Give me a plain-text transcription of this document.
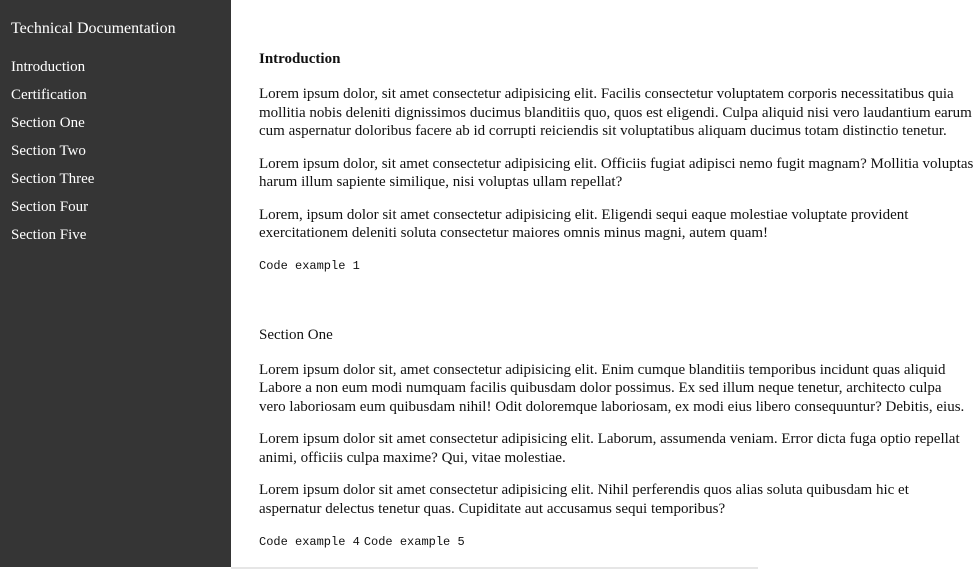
Technical Documentation
Introduction
Certification
Section One
Section Two
Section Three
Section Four
Section Five
Introduction

Lorem ipsum dolor, sit amet consectetur adipisicing elit. Facilis consectetur voluptatem corporis necessitatibus quia
mollitia nobis deleniti dignissimos ducimus blanditiis quo, quos est eligendi. Culpa aliquid nisi vero laudantium earum
cum aspernatur doloribus facere ab id corrupti reiciendis sit voluptatibus aliquam ducimus totam distinctio tenetur.

Lorem ipsum dolor, sit amet consectetur adipisicing elit. Officiis fugiat adipisci nemo fugit magnam? Mollitia voluptas
harum illum sapiente similique, nisi voluptas ullam repellat?

Lorem, ipsum dolor sit amet consectetur adipisicing elit. Eligendi sequi eaque molestiae voluptate provident
exercitationem deleniti soluta consectetur maiores omnis minus magni, autem quam!

Code example 1
Section One

Lorem ipsum dolor sit, amet consectetur adipisicing elit. Enim cumque blanditiis temporibus incidunt quas aliquid
Labore a non eum modi numquam facilis quibusdam dolor possimus. Ex sed illum neque tenetur, architecto culpa
vero laboriosam eum quibusdam nihil! Odit doloremque laboriosam, ex modi eius libero consequuntur? Debitis, eius.

Lorem ipsum dolor sit amet consectetur adipisicing elit. Laborum, assumenda veniam. Error dicta fuga optio repellat
animi, officiis culpa maxime? Qui, vitae molestiae.

Lorem ipsum dolor sit amet consectetur adipisicing elit. Nihil perferendis quos alias soluta quibusdam hic et
aspernatur delectus tenetur quas. Cupiditate aut accusamus sequi temporibus?

Code example 4 Code example 5
